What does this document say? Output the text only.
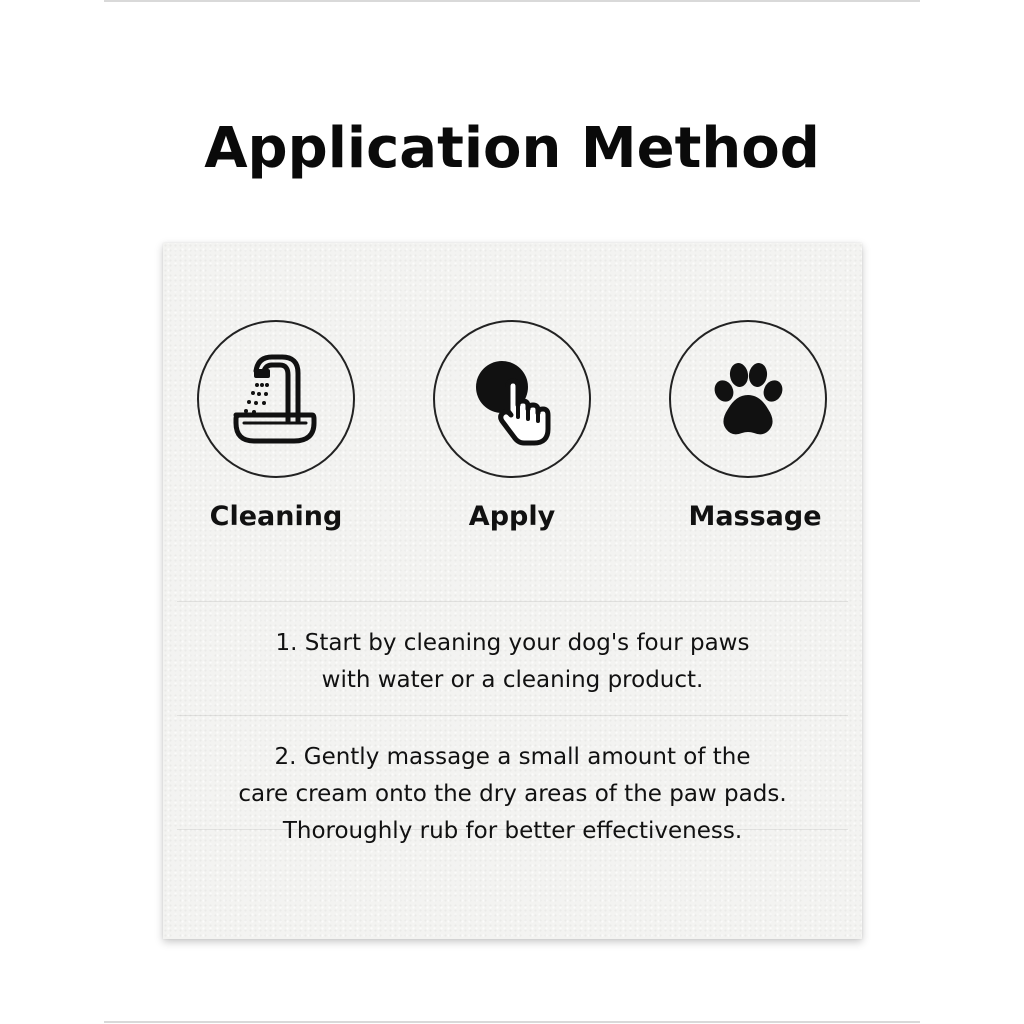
Application Method
Cleaning	Apply	Massage
1. Start by cleaning your dog's four paws
with water or a cleaning product.
2. Gently massage a small amount of the
care cream onto the dry areas of the paw pads.
Thoroughly rub for better effectiveness.
